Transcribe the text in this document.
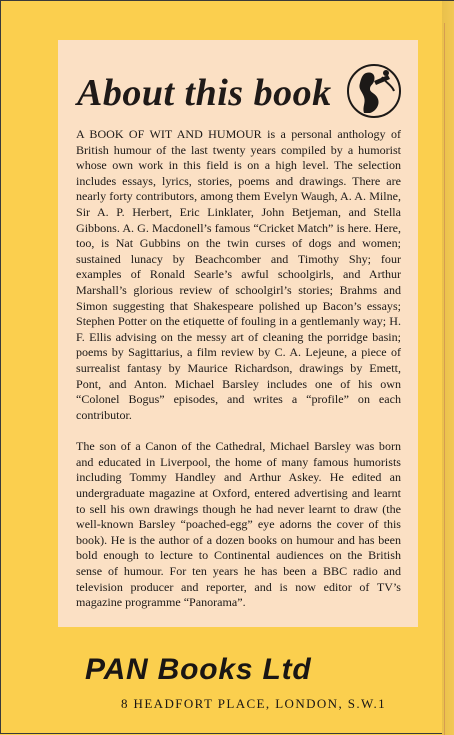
About this book

A BOOK OF WIT AND HUMOUR is a personal anthology of British humour of the last twenty years compiled by a humorist whose own work in this field is on a high level. The selection includes essays, lyrics, stories, poems and drawings. There are nearly forty contributors, among them Evelyn Waugh, A. A. Milne, Sir A. P. Herbert, Eric Linklater, John Betjeman, and Stella Gibbons. A. G. Macdonell’s famous “Cricket Match” is here. Here, too, is Nat Gubbins on the twin curses of dogs and women; sustained lunacy by Beachcomber and Timothy Shy; four examples of Ronald Searle’s awful schoolgirls, and Arthur Marshall’s glorious review of schoolgirl’s stories; Brahms and Simon suggesting that Shakespeare polished up Bacon’s essays; Stephen Potter on the etiquette of fouling in a gentlemanly way; H. F. Ellis advising on the messy art of cleaning the porridge basin; poems by Sagittarius, a film review by C. A. Lejeune, a piece of surrealist fantasy by Maurice Richardson, drawings by Emett, Pont, and Anton. Michael Barsley includes one of his own “Colonel Bogus” episodes, and writes a “profile” on each contributor.

The son of a Canon of the Cathedral, Michael Barsley was born and educated in Liverpool, the home of many famous humorists including Tommy Handley and Arthur Askey. He edited an undergraduate magazine at Oxford, entered advertising and learnt to sell his own drawings though he had never learnt to draw (the well-known Barsley “poached-egg” eye adorns the cover of this book). He is the author of a dozen books on humour and has been bold enough to lecture to Continental audiences on the British sense of humour. For ten years he has been a BBC radio and television producer and reporter, and is now editor of TV’s magazine programme “Panorama”.

PAN Books Ltd

8 HEADFORT PLACE, LONDON, S.W.1
